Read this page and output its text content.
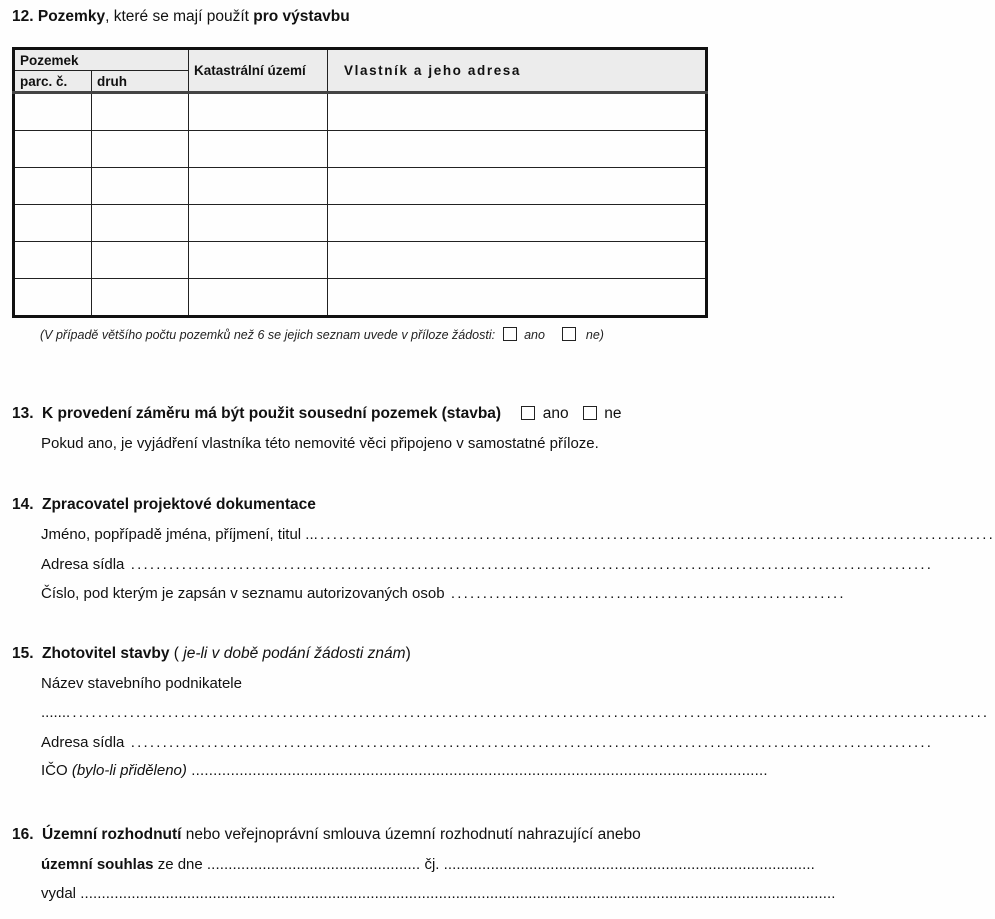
12. Pozemky, které se mají použít pro výstavbu
Pozemek		Katastrální území	Vlastník a jeho adresa
parc. č.	druh		

(V případě většího počtu pozemků než 6 se jejich seznam uvede v příloze žádosti: ano	ne)
13. K provedení záměru má být použit sousední pozemek (stavba)	ano ne
Pokud ano, je vyjádření vlastníka této nemovité věci připojeno v samostatné příloze.
14. Zpracovatel projektové dokumentace
Jméno, popřípadě jména, příjmení, titul .............................................................................................................
Adresa sídla ..............................................................................................................................
Číslo, pod kterým je zapsán v seznamu autorizovaných osob ..............................................................
15. Zhotovitel stavby ( je-li v době podání žádosti znám)
Název stavebního podnikatele
.......................................................................................................................................................
Adresa sídla ..............................................................................................................................
IČO (bylo-li přiděleno) ....................................................................................................................................
16. Územní rozhodnutí nebo veřejnoprávní smlouva územní rozhodnutí nahrazující anebo
územní souhlas ze dne .................................................. čj. .......................................................................................
vydal .................................................................................................................................................................................
